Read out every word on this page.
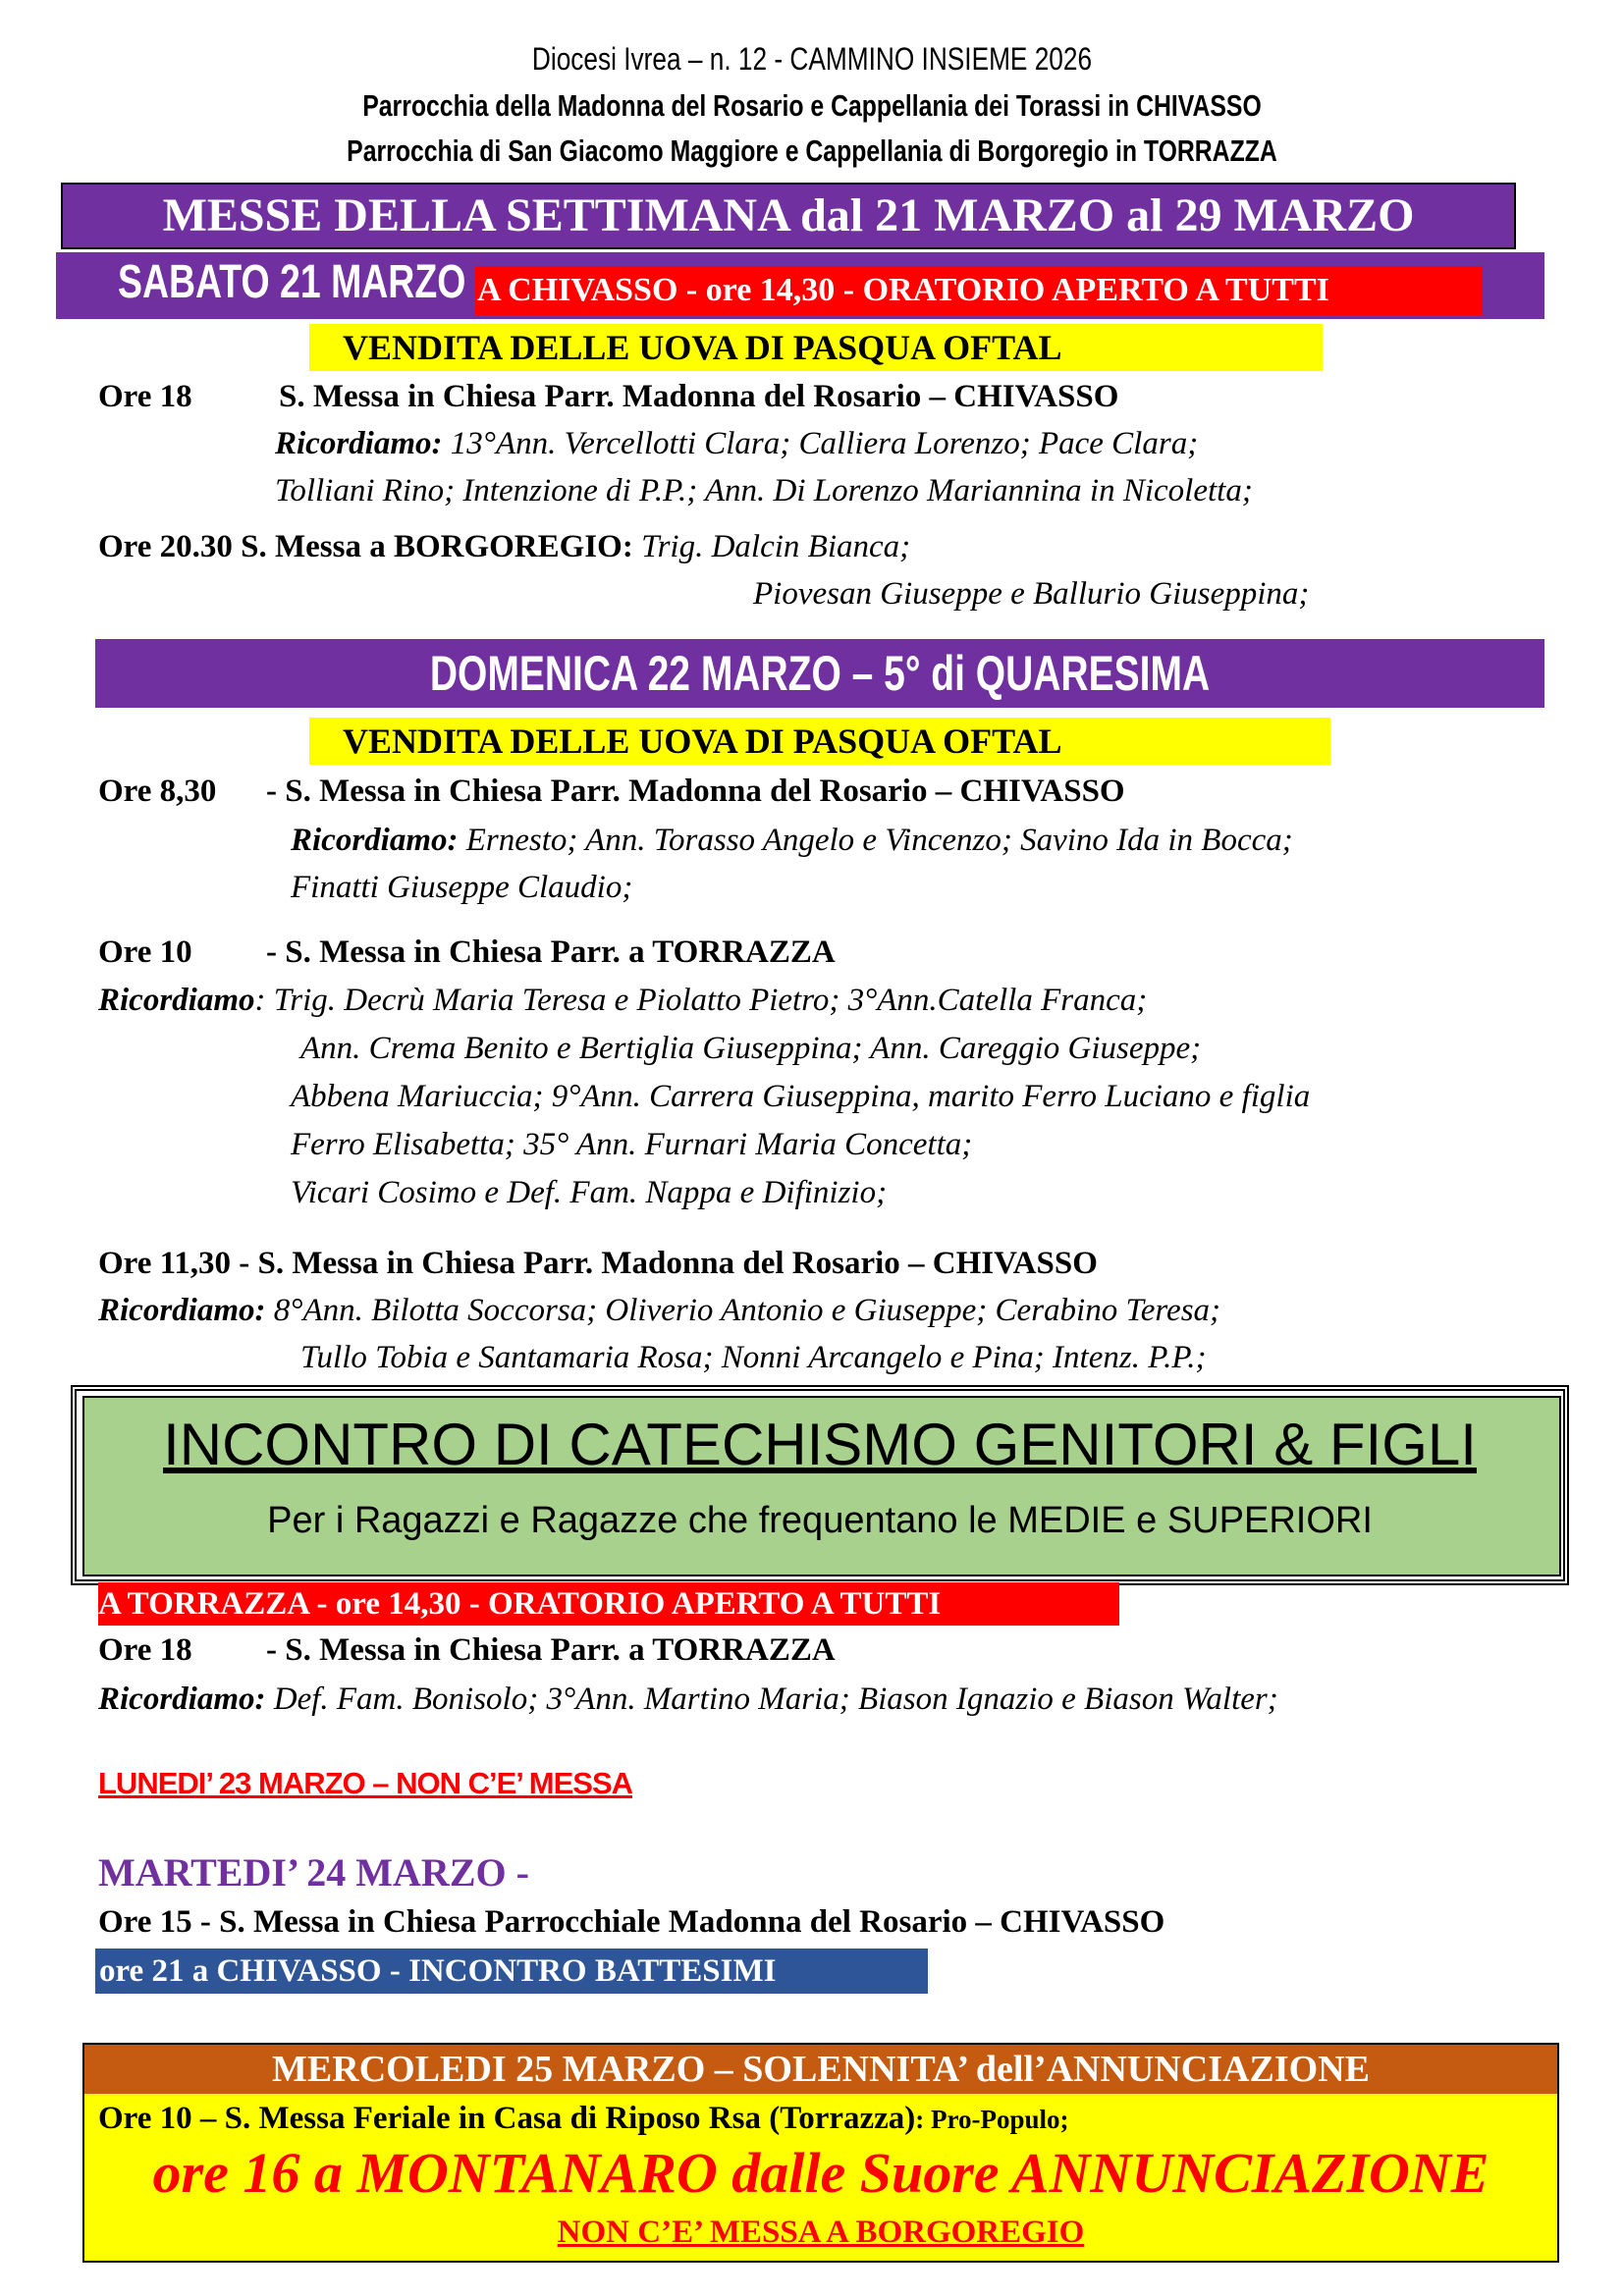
Diocesi Ivrea – n. 12 - CAMMINO INSIEME 2026
Parrocchia della Madonna del Rosario e Cappellania dei Torassi in CHIVASSO
Parrocchia di San Giacomo Maggiore e Cappellania di Borgoregio in TORRAZZA
MESSE DELLA SETTIMANA dal 21 MARZO al 29 MARZO
SABATO 21 MARZO A CHIVASSO - ore 14,30 - ORATORIO APERTO A TUTTI
VENDITA DELLE UOVA DI PASQUA OFTAL
Ore 18	S. Messa in Chiesa Parr. Madonna del Rosario – CHIVASSO
Ricordiamo: 13°Ann. Vercellotti Clara; Calliera Lorenzo; Pace Clara;
Tolliani Rino; Intenzione di P.P.; Ann. Di Lorenzo Mariannina in Nicoletta;
Ore 20.30 S. Messa a BORGOREGIO: Trig. Dalcin Bianca;
Piovesan Giuseppe e Ballurio Giuseppina;
DOMENICA 22 MARZO – 5° di QUARESIMA
VENDITA DELLE UOVA DI PASQUA OFTAL
Ore 8,30 - S. Messa in Chiesa Parr. Madonna del Rosario – CHIVASSO
Ricordiamo: Ernesto; Ann. Torasso Angelo e Vincenzo; Savino Ida in Bocca;
Finatti Giuseppe Claudio;
Ore 10 - S. Messa in Chiesa Parr. a TORRAZZA
Ricordiamo: Trig. Decrù Maria Teresa e Piolatto Pietro; 3°Ann.Catella Franca;
Ann. Crema Benito e Bertiglia Giuseppina; Ann. Careggio Giuseppe;
Abbena Mariuccia; 9°Ann. Carrera Giuseppina, marito Ferro Luciano e figlia
Ferro Elisabetta; 35° Ann. Furnari Maria Concetta;
Vicari Cosimo e Def. Fam. Nappa e Difinizio;
Ore 11,30 - S. Messa in Chiesa Parr. Madonna del Rosario – CHIVASSO
Ricordiamo: 8°Ann. Bilotta Soccorsa; Oliverio Antonio e Giuseppe; Cerabino Teresa;
Tullo Tobia e Santamaria Rosa; Nonni Arcangelo e Pina; Intenz. P.P.;
INCONTRO DI CATECHISMO GENITORI & FIGLI
Per i Ragazzi e Ragazze che frequentano le MEDIE e SUPERIORI
A TORRAZZA - ore 14,30 - ORATORIO APERTO A TUTTI
Ore 18 - S. Messa in Chiesa Parr. a TORRAZZA
Ricordiamo: Def. Fam. Bonisolo; 3°Ann. Martino Maria; Biason Ignazio e Biason Walter;
LUNEDI’ 23 MARZO – NON C’E’ MESSA
MARTEDI’ 24 MARZO -
Ore 15 - S. Messa in Chiesa Parrocchiale Madonna del Rosario – CHIVASSO
ore 21 a CHIVASSO - INCONTRO BATTESIMI
MERCOLEDI 25 MARZO – SOLENNITA’ dell’ANNUNCIAZIONE
Ore 10 – S. Messa Feriale in Casa di Riposo Rsa (Torrazza): Pro-Populo;
ore 16 a MONTANARO dalle Suore ANNUNCIAZIONE
NON C’E’ MESSA A BORGOREGIO
